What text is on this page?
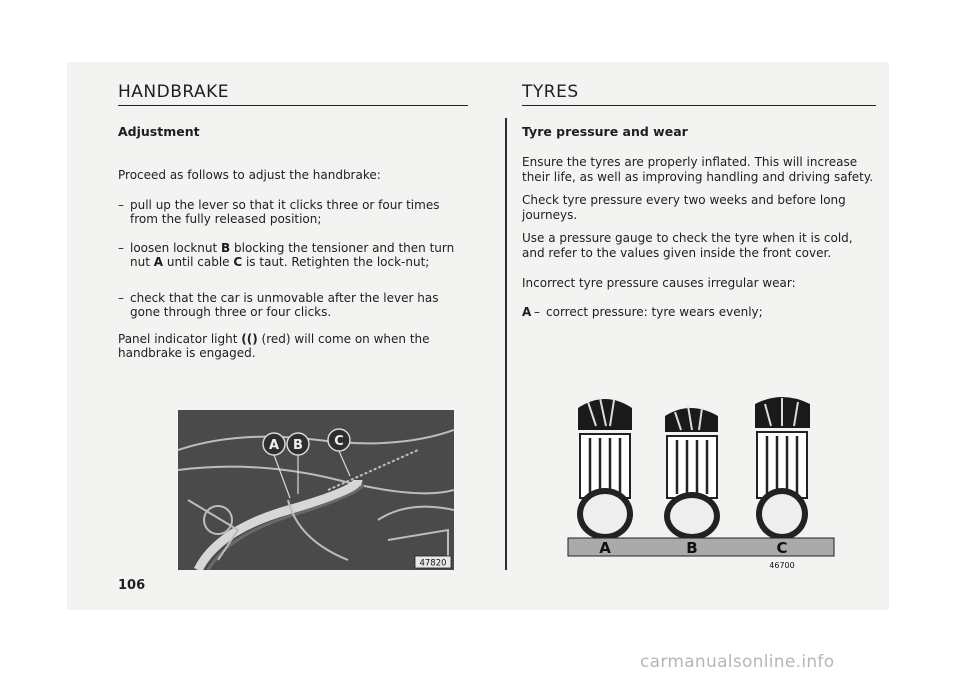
HANDBRAKE

Adjustment

Proceed as follows to adjust the handbrake:

– pull up the lever so that it clicks three or four times from the fully released position;

– loosen locknut B blocking the tensioner and then turn nut A until cable C is taut. Retighten the lock-nut;

– check that the car is unmovable after the lever has gone through three or four clicks.

Panel indicator light (() (red) will come on when the handbrake is engaged.

A B C
47820
106
TYRES

Tyre pressure and wear

Ensure the tyres are properly inflated. This will increase their life, as well as improving handling and driving safety.

Check tyre pressure every two weeks and before long journeys.

Use a pressure gauge to check the tyre when it is cold, and refer to the values given inside the front cover.

Incorrect tyre pressure causes irregular wear:

A – correct pressure: tyre wears evenly;

A	B	C
46700
carmanualsonline.info
